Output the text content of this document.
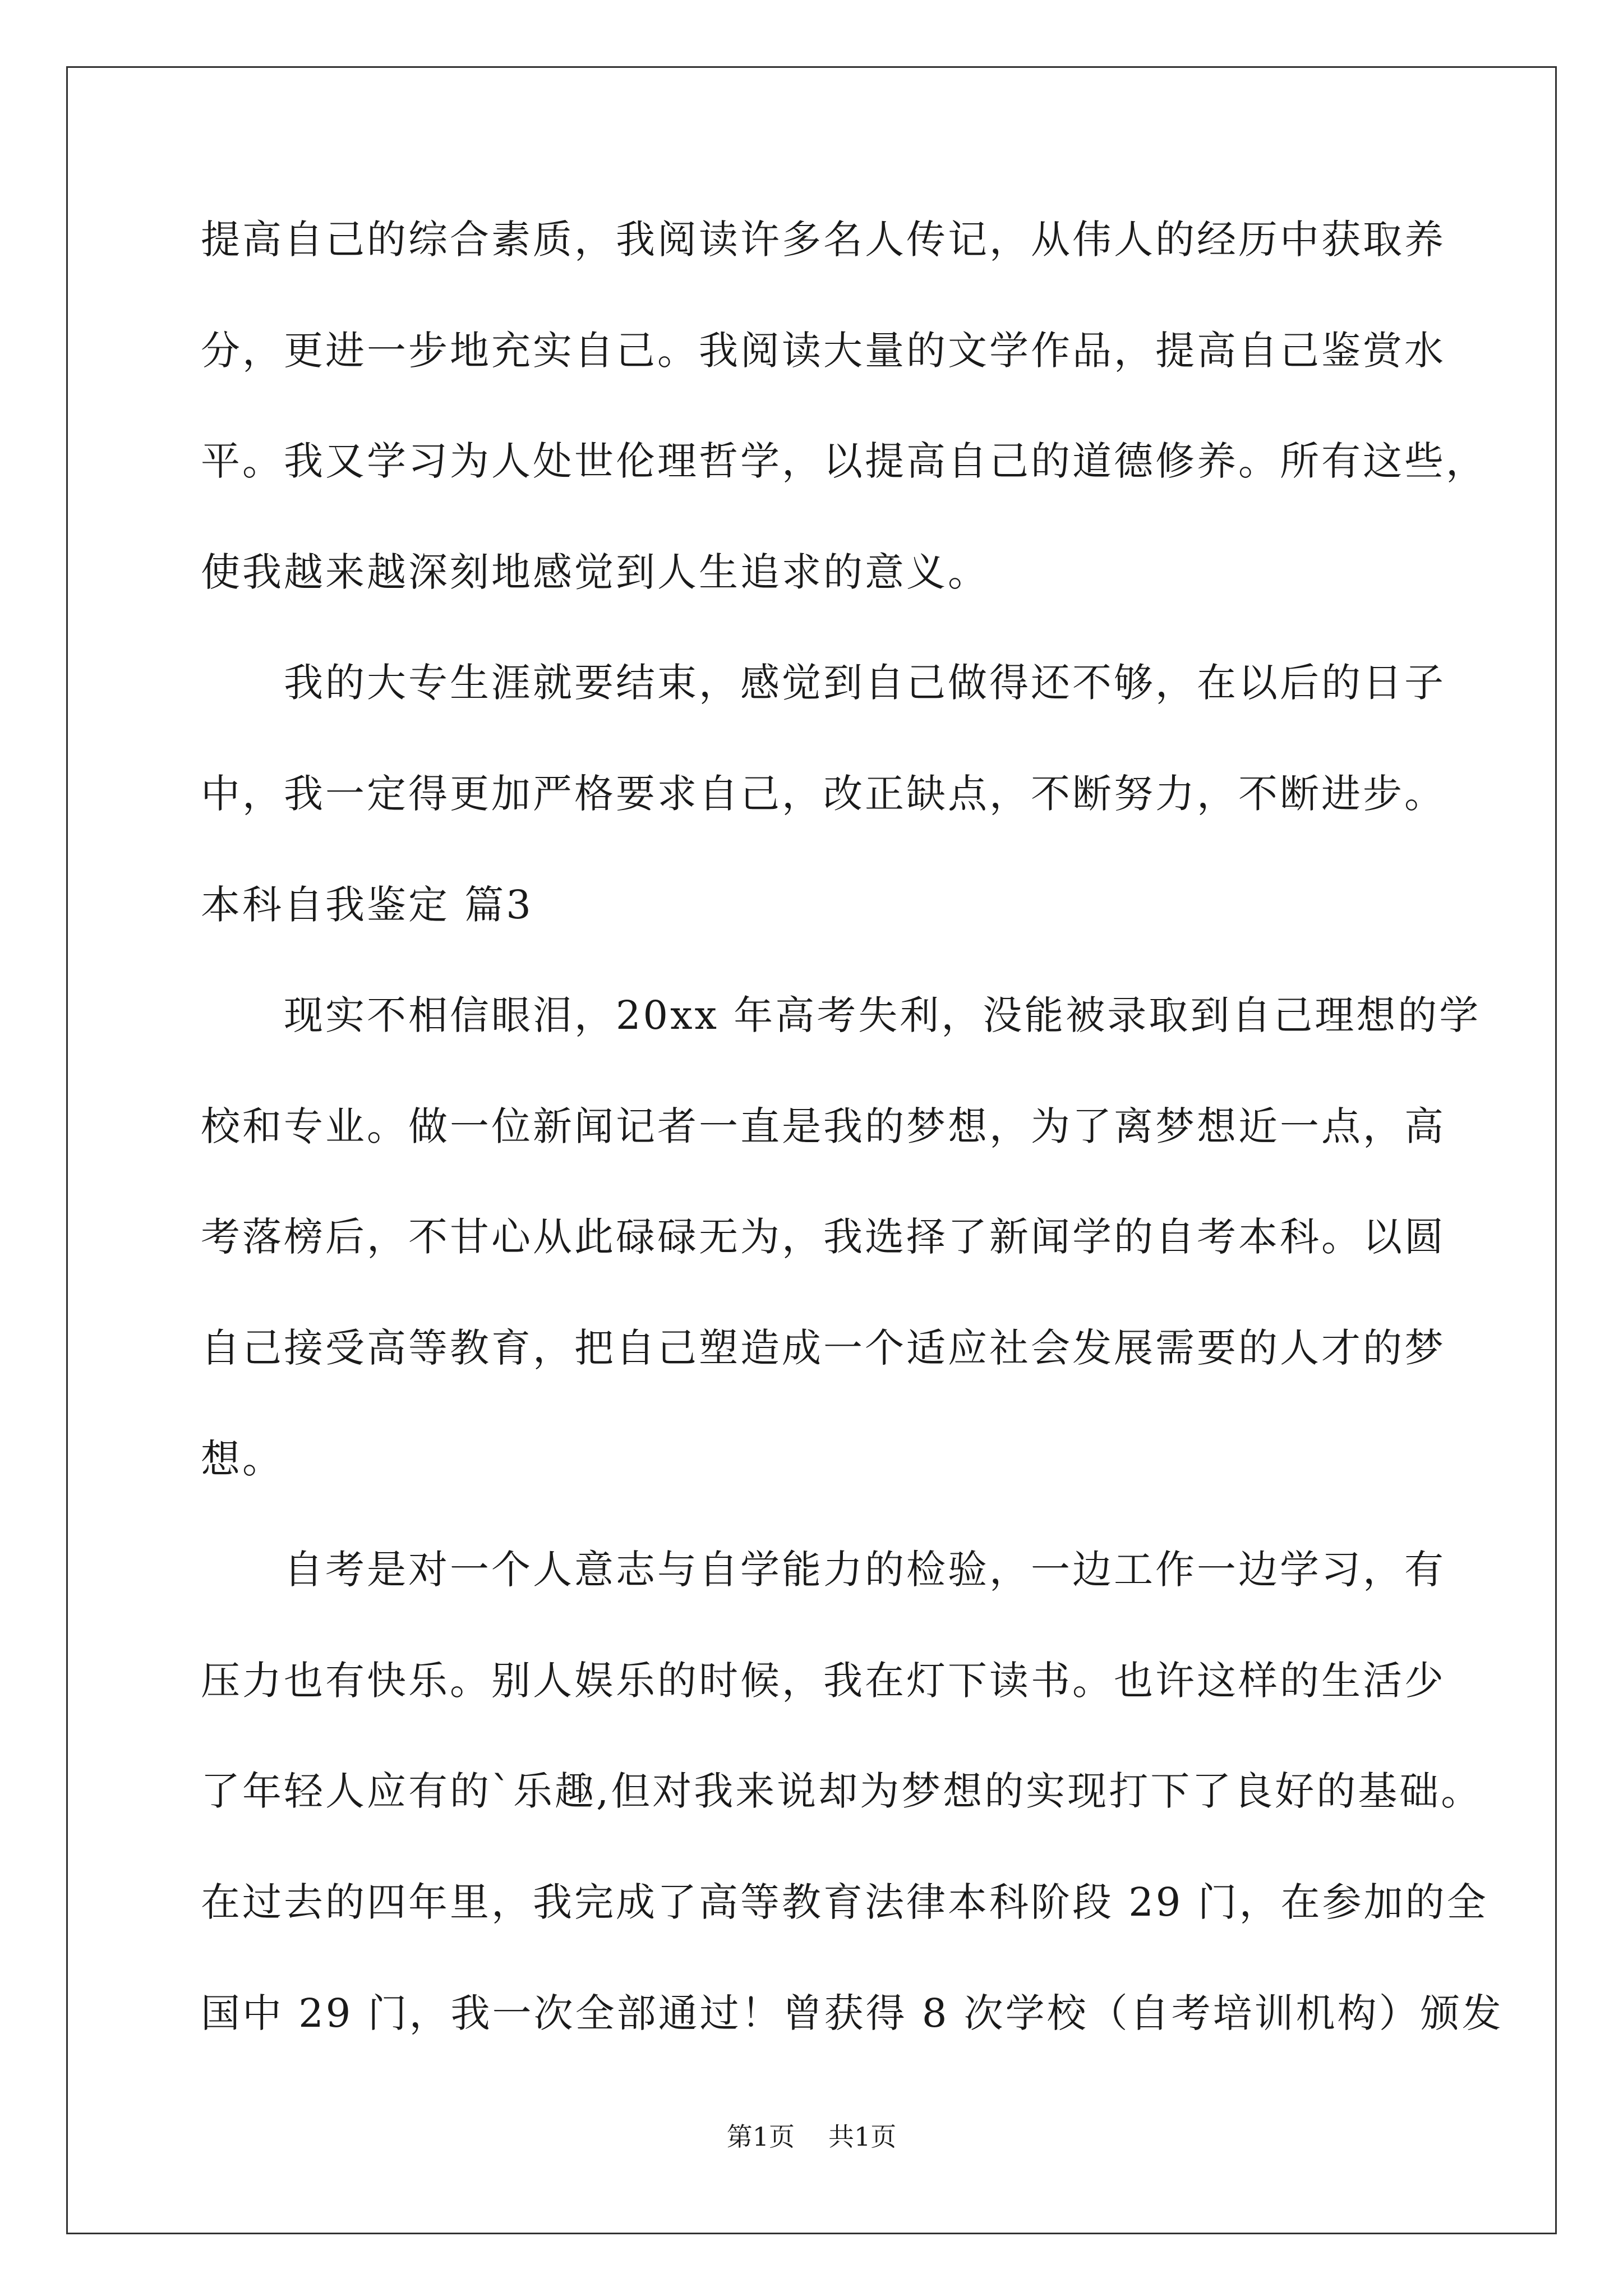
提高自己的综合素质，我阅读许多名人传记，从伟人的经历中获取养
分，更进一步地充实自己。我阅读大量的文学作品，提高自己鉴赏水
平。我又学习为人处世伦理哲学，以提高自己的道德修养。所有这些，
使我越来越深刻地感觉到人生追求的意义。
我的大专生涯就要结束，感觉到自己做得还不够，在以后的日子
中，我一定得更加严格要求自己，改正缺点，不断努力，不断进步。
本科自我鉴定 篇3
现实不相信眼泪，20xx 年高考失利，没能被录取到自己理想的学
校和专业。做一位新闻记者一直是我的梦想，为了离梦想近一点，高
考落榜后，不甘心从此碌碌无为，我选择了新闻学的自考本科。以圆
自己接受高等教育，把自己塑造成一个适应社会发展需要的人才的梦
想。
自考是对一个人意志与自学能力的检验，一边工作一边学习，有
压力也有快乐。别人娱乐的时候，我在灯下读书。也许这样的生活少
了年轻人应有的`乐趣,但对我来说却为梦想的实现打下了良好的基础。
在过去的四年里，我完成了高等教育法律本科阶段 29 门，在参加的全
国中 29 门，我一次全部通过！曾获得 8 次学校（自考培训机构）颁发
第1页 共1页
